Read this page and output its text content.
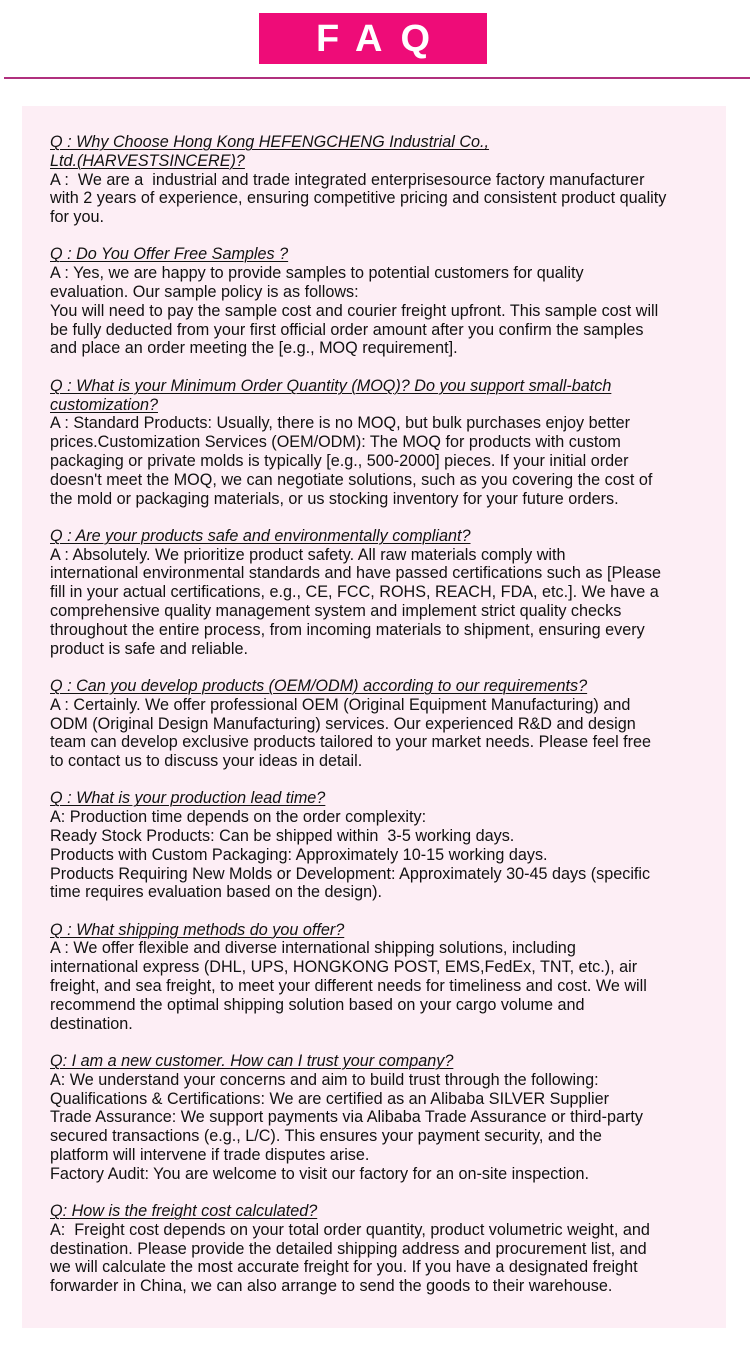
FAQ
Q : Why Choose Hong Kong HEFENGCHENG Industrial Co.,
Ltd.(HARVESTSINCERE)?
A :  We are a  industrial and trade integrated enterprisesource factory manufacturer
with 2 years of experience, ensuring competitive pricing and consistent product quality
for you.
Q : Do You Offer Free Samples ?
A : Yes, we are happy to provide samples to potential customers for quality
evaluation. Our sample policy is as follows:
You will need to pay the sample cost and courier freight upfront. This sample cost will
be fully deducted from your first official order amount after you confirm the samples
and place an order meeting the [e.g., MOQ requirement].
Q : What is your Minimum Order Quantity (MOQ)? Do you support small-batch
customization?
A : Standard Products: Usually, there is no MOQ, but bulk purchases enjoy better
prices.Customization Services (OEM/ODM): The MOQ for products with custom
packaging or private molds is typically [e.g., 500-2000] pieces. If your initial order
doesn't meet the MOQ, we can negotiate solutions, such as you covering the cost of
the mold or packaging materials, or us stocking inventory for your future orders.
Q : Are your products safe and environmentally compliant?
A : Absolutely. We prioritize product safety. All raw materials comply with
international environmental standards and have passed certifications such as [Please
fill in your actual certifications, e.g., CE, FCC, ROHS, REACH, FDA, etc.]. We have a
comprehensive quality management system and implement strict quality checks
throughout the entire process, from incoming materials to shipment, ensuring every
product is safe and reliable.
Q : Can you develop products (OEM/ODM) according to our requirements?
A : Certainly. We offer professional OEM (Original Equipment Manufacturing) and
ODM (Original Design Manufacturing) services. Our experienced R&D and design
team can develop exclusive products tailored to your market needs. Please feel free
to contact us to discuss your ideas in detail.
Q : What is your production lead time?
A: Production time depends on the order complexity:
Ready Stock Products: Can be shipped within  3-5 working days.
Products with Custom Packaging: Approximately 10-15 working days.
Products Requiring New Molds or Development: Approximately 30-45 days (specific
time requires evaluation based on the design).
Q : What shipping methods do you offer?
A : We offer flexible and diverse international shipping solutions, including
international express (DHL, UPS, HONGKONG POST, EMS,FedEx, TNT, etc.), air
freight, and sea freight, to meet your different needs for timeliness and cost. We will
recommend the optimal shipping solution based on your cargo volume and
destination.
Q: I am a new customer. How can I trust your company?
A: We understand your concerns and aim to build trust through the following:
Qualifications & Certifications: We are certified as an Alibaba SILVER Supplier
Trade Assurance: We support payments via Alibaba Trade Assurance or third-party
secured transactions (e.g., L/C). This ensures your payment security, and the
platform will intervene if trade disputes arise.
Factory Audit: You are welcome to visit our factory for an on-site inspection.
Q: How is the freight cost calculated?
A:  Freight cost depends on your total order quantity, product volumetric weight, and
destination. Please provide the detailed shipping address and procurement list, and
we will calculate the most accurate freight for you. If you have a designated freight
forwarder in China, we can also arrange to send the goods to their warehouse.
